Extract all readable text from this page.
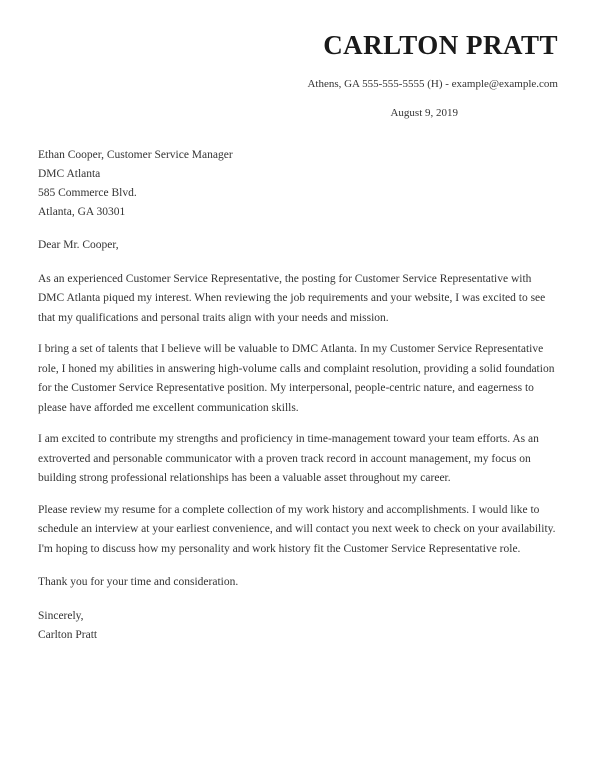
CARLTON PRATT
Athens, GA 555-555-5555 (H) - example@example.com
August 9, 2019
Ethan Cooper, Customer Service Manager
DMC Atlanta
585 Commerce Blvd.
Atlanta, GA 30301

Dear Mr. Cooper,

As an experienced Customer Service Representative, the posting for Customer Service Representative with DMC Atlanta piqued my interest. When reviewing the job requirements and your website, I was excited to see that my qualifications and personal traits align with your needs and mission.

I bring a set of talents that I believe will be valuable to DMC Atlanta. In my Customer Service Representative role, I honed my abilities in answering high-volume calls and complaint resolution, providing a solid foundation for the Customer Service Representative position. My interpersonal, people-centric nature, and eagerness to please have afforded me excellent communication skills.

I am excited to contribute my strengths and proficiency in time-management toward your team efforts. As an extroverted and personable communicator with a proven track record in account management, my focus on building strong professional relationships has been a valuable asset throughout my career.

Please review my resume for a complete collection of my work history and accomplishments. I would like to schedule an interview at your earliest convenience, and will contact you next week to check on your availability. I'm hoping to discuss how my personality and work history fit the Customer Service Representative role.

Thank you for your time and consideration.

Sincerely,
Carlton Pratt
